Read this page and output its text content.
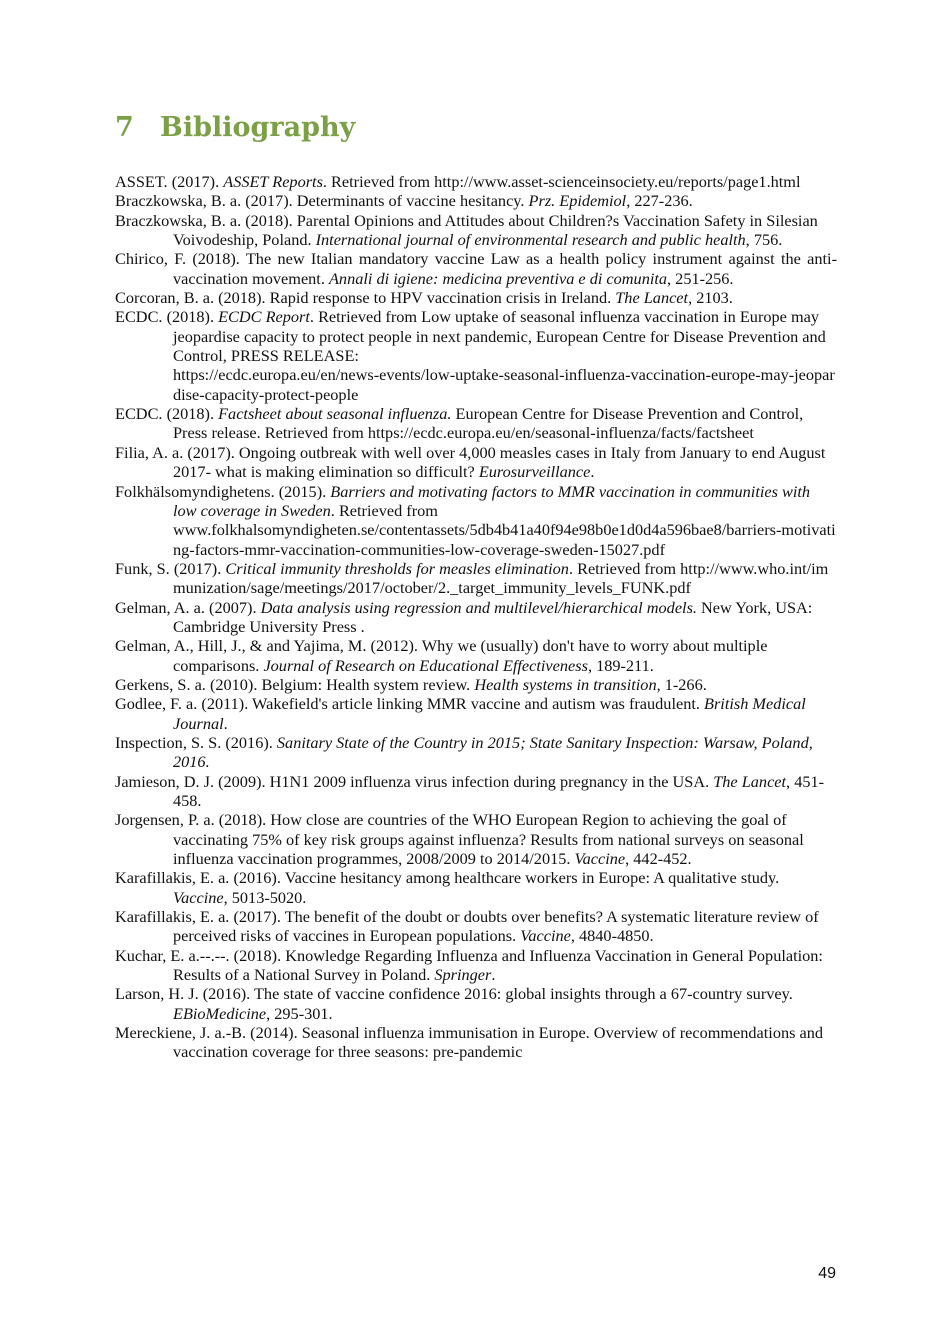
7 Bibliography
ASSET. (2017). ASSET Reports. Retrieved from http://www.asset-scienceinsociety.eu/reports/page1.html
Braczkowska, B. a. (2017). Determinants of vaccine hesitancy. Prz. Epidemiol, 227-236.
Braczkowska, B. a. (2018). Parental Opinions and Attitudes about Children?s Vaccination Safety in Silesian Voivodeship, Poland. International journal of environmental research and public health, 756.
Chirico, F. (2018). The new Italian mandatory vaccine Law as a health policy instrument against the anti-vaccination movement. Annali di igiene: medicina preventiva e di comunita, 251-256.
Corcoran, B. a. (2018). Rapid response to HPV vaccination crisis in Ireland. The Lancet, 2103.
ECDC. (2018). ECDC Report. Retrieved from Low uptake of seasonal influenza vaccination in Europe may jeopardise capacity to protect people in next pandemic, European Centre for Disease Prevention and Control, PRESS RELEASE:
https://ecdc.europa.eu/en/news-events/low-uptake-seasonal-influenza-vaccination-europe-may-jeopardise-capacity-protect-people
ECDC. (2018). Factsheet about seasonal influenza. European Centre for Disease Prevention and Control, Press release. Retrieved from https://ecdc.europa.eu/en/seasonal-influenza/facts/factsheet
Filia, A. a. (2017). Ongoing outbreak with well over 4,000 measles cases in Italy from January to end August 2017- what is making elimination so difficult? Eurosurveillance.
Folkhälsomyndighetens. (2015). Barriers and motivating factors to MMR vaccination in communities with low coverage in Sweden. Retrieved from
www.folkhalsomyndigheten.se/contentassets/5db4b41a40f94e98b0e1d0d4a596bae8/barriers-motivating-factors-mmr-vaccination-communities-low-coverage-sweden-15027.pdf
Funk, S. (2017). Critical immunity thresholds for measles elimination. Retrieved from http://www.who.int/immunization/sage/meetings/2017/october/2._target_immunity_levels_FUNK.pdf
Gelman, A. a. (2007). Data analysis using regression and multilevel/hierarchical models. New York, USA: Cambridge University Press .
Gelman, A., Hill, J., & and Yajima, M. (2012). Why we (usually) don't have to worry about multiple comparisons. Journal of Research on Educational Effectiveness, 189-211.
Gerkens, S. a. (2010). Belgium: Health system review. Health systems in transition, 1-266.
Godlee, F. a. (2011). Wakefield's article linking MMR vaccine and autism was fraudulent. British Medical Journal.
Inspection, S. S. (2016). Sanitary State of the Country in 2015; State Sanitary Inspection: Warsaw, Poland, 2016.
Jamieson, D. J. (2009). H1N1 2009 influenza virus infection during pregnancy in the USA. The Lancet, 451-458.
Jorgensen, P. a. (2018). How close are countries of the WHO European Region to achieving the goal of vaccinating 75% of key risk groups against influenza? Results from national surveys on seasonal influenza vaccination programmes, 2008/2009 to 2014/2015. Vaccine, 442-452.
Karafillakis, E. a. (2016). Vaccine hesitancy among healthcare workers in Europe: A qualitative study. Vaccine, 5013-5020.
Karafillakis, E. a. (2017). The benefit of the doubt or doubts over benefits? A systematic literature review of perceived risks of vaccines in European populations. Vaccine, 4840-4850.
Kuchar, E. a.--.--. (2018). Knowledge Regarding Influenza and Influenza Vaccination in General Population: Results of a National Survey in Poland. Springer.
Larson, H. J. (2016). The state of vaccine confidence 2016: global insights through a 67-country survey. EBioMedicine, 295-301.
Mereckiene, J. a.-B. (2014). Seasonal influenza immunisation in Europe. Overview of recommendations and vaccination coverage for three seasons: pre-pandemic
49
